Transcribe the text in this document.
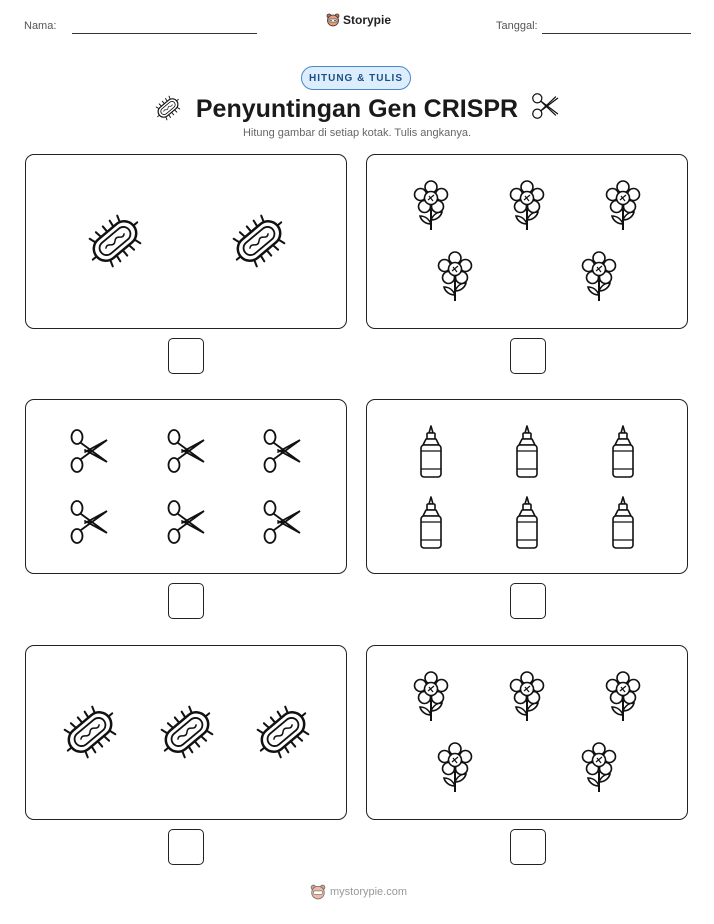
Nama:	Storypie	Tanggal:
HITUNG & TULIS
Penyuntingan Gen CRISPR
Hitung gambar di setiap kotak. Tulis angkanya.
mystorypie.com
